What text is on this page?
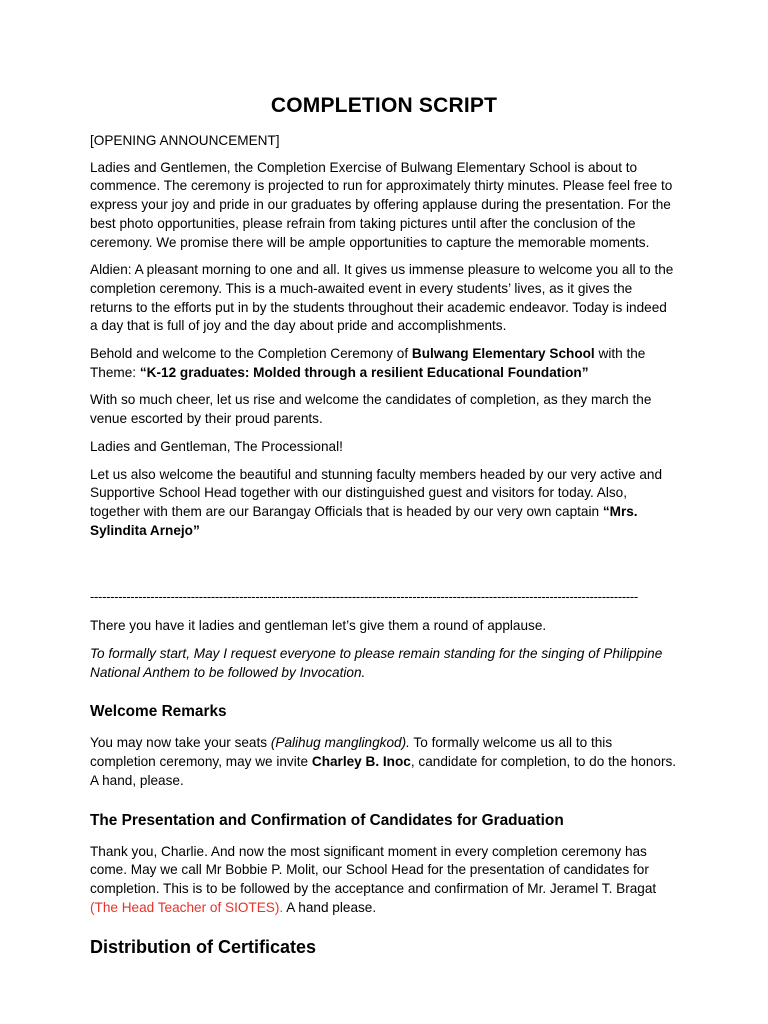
COMPLETION SCRIPT

[OPENING ANNOUNCEMENT]

Ladies and Gentlemen, the Completion Exercise of Bulwang Elementary School is about to commence. The ceremony is projected to run for approximately thirty minutes. Please feel free to express your joy and pride in our graduates by offering applause during the presentation. For the best photo opportunities, please refrain from taking pictures until after the conclusion of the ceremony. We promise there will be ample opportunities to capture the memorable moments.

Aldien: A pleasant morning to one and all. It gives us immense pleasure to welcome you all to the completion ceremony. This is a much-awaited event in every students’ lives, as it gives the returns to the efforts put in by the students throughout their academic endeavor. Today is indeed a day that is full of joy and the day about pride and accomplishments.

Behold and welcome to the Completion Ceremony of Bulwang Elementary School with the Theme: “K-12 graduates: Molded through a resilient Educational Foundation”

With so much cheer, let us rise and welcome the candidates of completion, as they march the venue escorted by their proud parents.

Ladies and Gentleman, The Processional!

Let us also welcome the beautiful and stunning faculty members headed by our very active and Supportive School Head together with our distinguished guest and visitors for today. Also, together with them are our Barangay Officials that is headed by our very own captain “Mrs. Sylindita Arnejo”

----------------------------------------------------------------------------------------------------------------------------------------

There you have it ladies and gentleman let’s give them a round of applause.

To formally start, May I request everyone to please remain standing for the singing of Philippine National Anthem to be followed by Invocation.

Welcome Remarks

You may now take your seats (Palihug manglingkod). To formally welcome us all to this completion ceremony, may we invite Charley B. Inoc, candidate for completion, to do the honors. A hand, please.

The Presentation and Confirmation of Candidates for Graduation

Thank you, Charlie. And now the most significant moment in every completion ceremony has come. May we call Mr Bobbie P. Molit, our School Head for the presentation of candidates for completion. This is to be followed by the acceptance and confirmation of Mr. Jeramel T. Bragat (The Head Teacher of SIOTES). A hand please.

Distribution of Certificates
